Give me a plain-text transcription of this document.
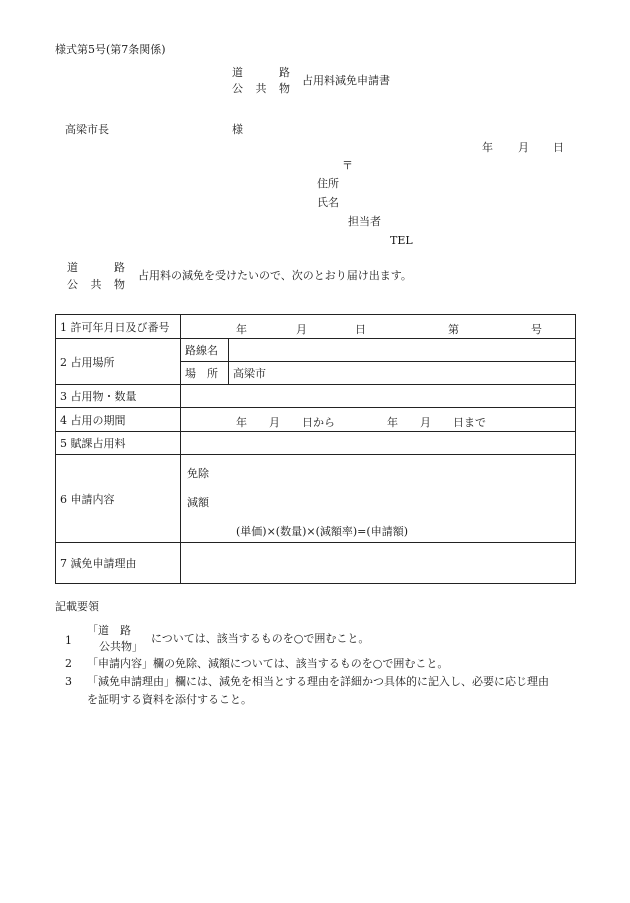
様式第5号(第7条関係)
道　路
公共物
占用料減免申請書
高梁市長	様
年 月 日
〒
住所
氏名
担当者
TEL
道　路
公共物
占用料の減免を受けたいので、次のとおり届け出ます。
1 許可年月日及び番号	年 月 日 第 号	

2 占用場所	路線名	
	場　所	高梁市
3 占用物・数量		
4 占用の期間	年　　月　　日から 年　　月　　日まで	

5 賦課占用料		
6 申請内容	免除
減額
(単価)×(数量)×(減額率)=(申請額)	

7 減免申請理由		
記載要領
1
「道　路
公共物」
については、該当するものを○で囲むこと。
2 「申請内容」欄の免除、減額については、該当するものを○で囲むこと。
3 「減免申請理由」欄には、減免を相当とする理由を詳細かつ具体的に記入し、必要に応じ理由
を証明する資料を添付すること。
